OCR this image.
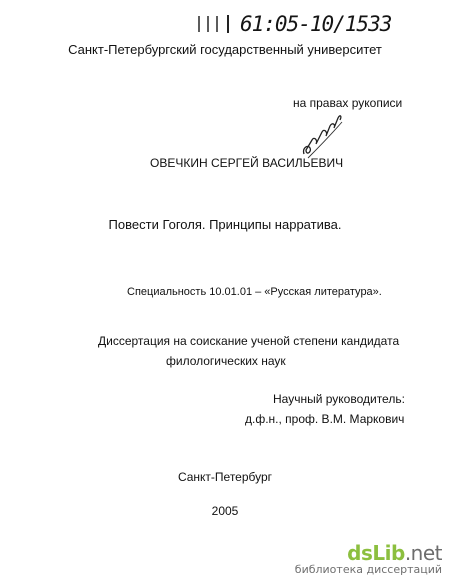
61:05-10/1533
Санкт-Петербургский государственный университет
на правах рукописи
ОВЕЧКИН СЕРГЕЙ ВАСИЛЬЕВИЧ
Повести Гоголя. Принципы нарратива.
Специальность 10.01.01 – «Русская литература».
Диссертация на соискание ученой степени кандидата
филологических наук
Научный руководитель:
д.ф.н., проф. В.М. Маркович
Санкт-Петербург
2005
dsLib.net
библиотека диссертаций
